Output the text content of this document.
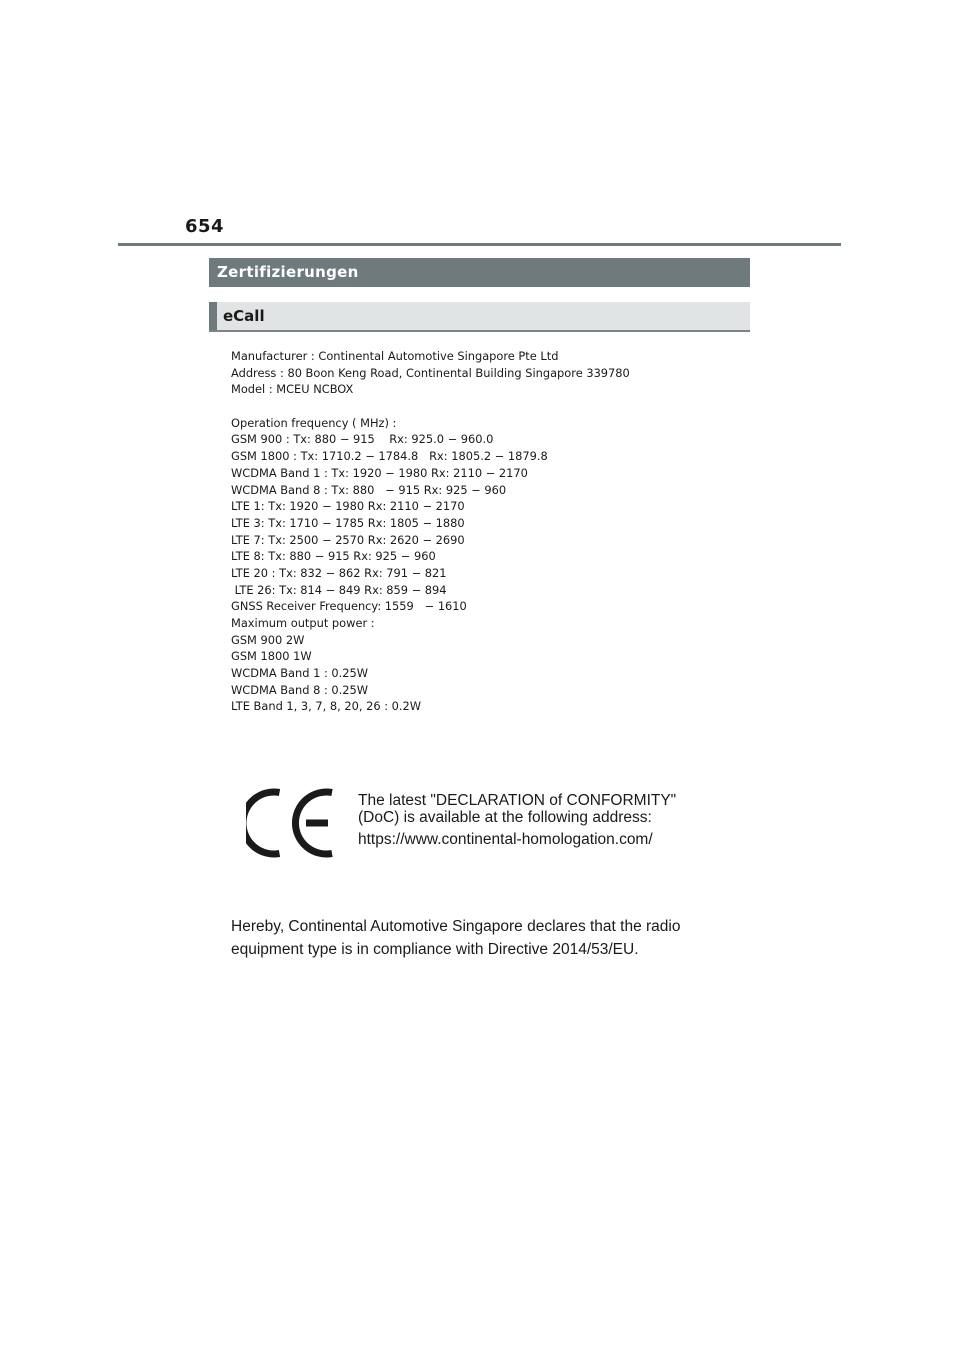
654
Zertifizierungen
eCall
Manufacturer : Continental Automotive Singapore Pte Ltd
Address : 80 Boon Keng Road, Continental Building Singapore 339780
Model : MCEU NCBOX
Operation frequency ( MHz) :
GSM 900 : Tx: 880 − 915    Rx: 925.0 − 960.0
GSM 1800 : Tx: 1710.2 − 1784.8   Rx: 1805.2 − 1879.8
WCDMA Band 1 : Tx: 1920 − 1980 Rx: 2110 − 2170
WCDMA Band 8 : Tx: 880   − 915 Rx: 925 − 960
LTE 1: Tx: 1920 − 1980 Rx: 2110 − 2170
LTE 3: Tx: 1710 − 1785 Rx: 1805 − 1880
LTE 7: Tx: 2500 − 2570 Rx: 2620 − 2690
LTE 8: Tx: 880 − 915 Rx: 925 − 960
LTE 20 : Tx: 832 − 862 Rx: 791 − 821
LTE 26: Tx: 814 − 849 Rx: 859 − 894
GNSS Receiver Frequency: 1559   − 1610
Maximum output power :
GSM 900 2W
GSM 1800 1W
WCDMA Band 1 : 0.25W
WCDMA Band 8 : 0.25W
LTE Band 1, 3, 7, 8, 20, 26 : 0.2W
The latest "DECLARATION of CONFORMITY"
(DoC) is available at the following address:
https://www.continental-homologation.com/
Hereby, Continental Automotive Singapore declares that the radio
equipment type is in compliance with Directive 2014/53/EU.
